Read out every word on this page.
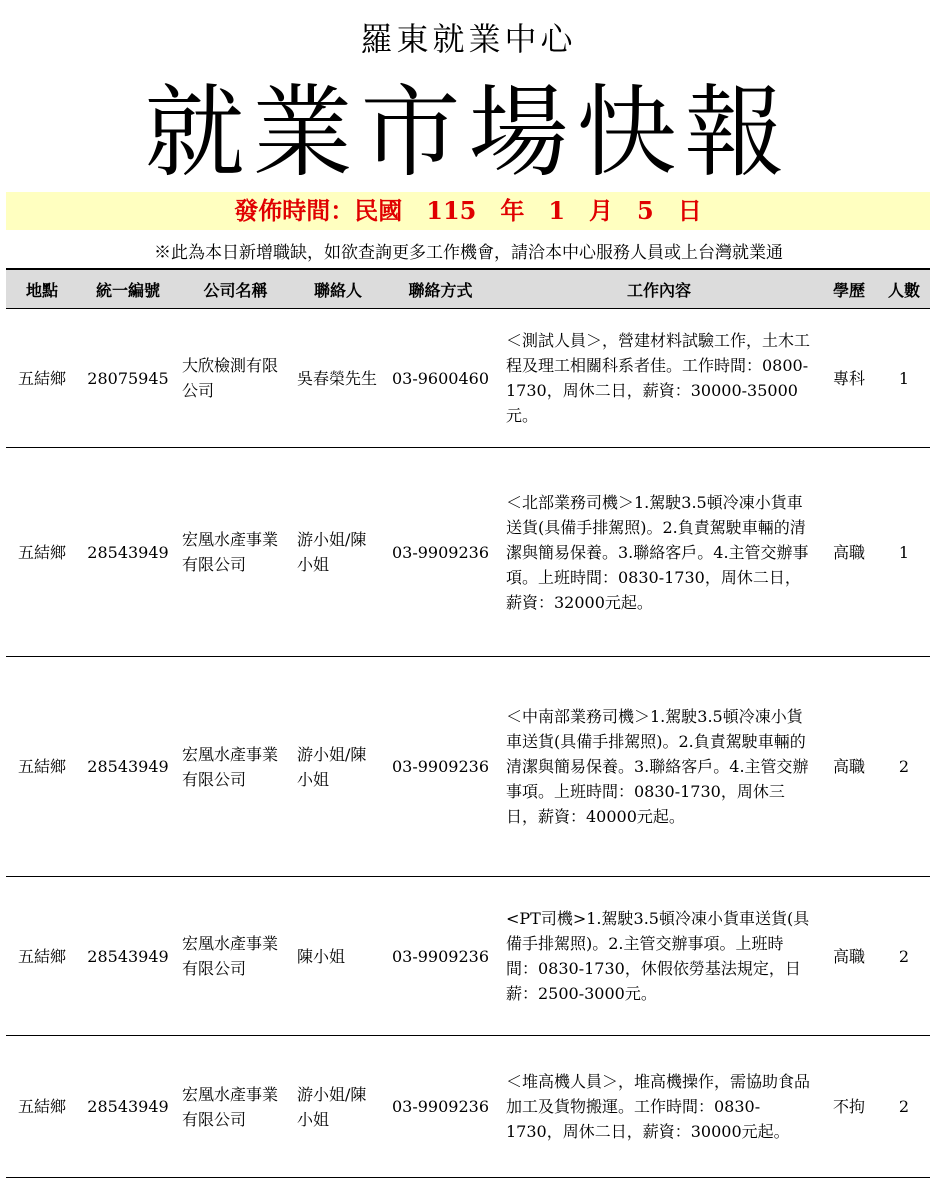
羅東就業中心
就業市場快報
發佈時間：民國　115　年　1　月　5　日
※此為本日新增職缺，如欲查詢更多工作機會，請洽本中心服務人員或上台灣就業通
地點	統一編號	公司名稱	聯絡人	聯絡方式	工作內容	學歷	人數
五結鄉	28075945	大欣檢測有限公司	吳春榮先生	03-9600460	＜測試人員＞，營建材料試驗工作，土木工程及理工相關科系者佳。工作時間：0800-1730，周休二日，薪資：30000-35000元。	專科	1
五結鄉	28543949	宏凰水產事業有限公司	游小姐/陳小姐	03-9909236	＜北部業務司機＞1.駕駛3.5頓冷凍小貨車送貨(具備手排駕照)。2.負責駕駛車輛的清潔與簡易保養。3.聯絡客戶。4.主管交辦事項。上班時間：0830-1730，周休二日，薪資：32000元起。	高職	1
五結鄉	28543949	宏凰水產事業有限公司	游小姐/陳小姐	03-9909236	＜中南部業務司機＞1.駕駛3.5頓冷凍小貨車送貨(具備手排駕照)。2.負責駕駛車輛的清潔與簡易保養。3.聯絡客戶。4.主管交辦事項。上班時間：0830-1730，周休三日，薪資：40000元起。	高職	2
五結鄉	28543949	宏凰水產事業有限公司	陳小姐	03-9909236	<PT司機>1.駕駛3.5頓冷凍小貨車送貨(具備手排駕照)。2.主管交辦事項。上班時間：0830-1730，休假依勞基法規定，日薪：2500-3000元。	高職	2
五結鄉	28543949	宏凰水產事業有限公司	游小姐/陳小姐	03-9909236	＜堆高機人員＞，堆高機操作，需協助食品加工及貨物搬運。工作時間：0830-1730，周休二日，薪資：30000元起。	不拘	2
